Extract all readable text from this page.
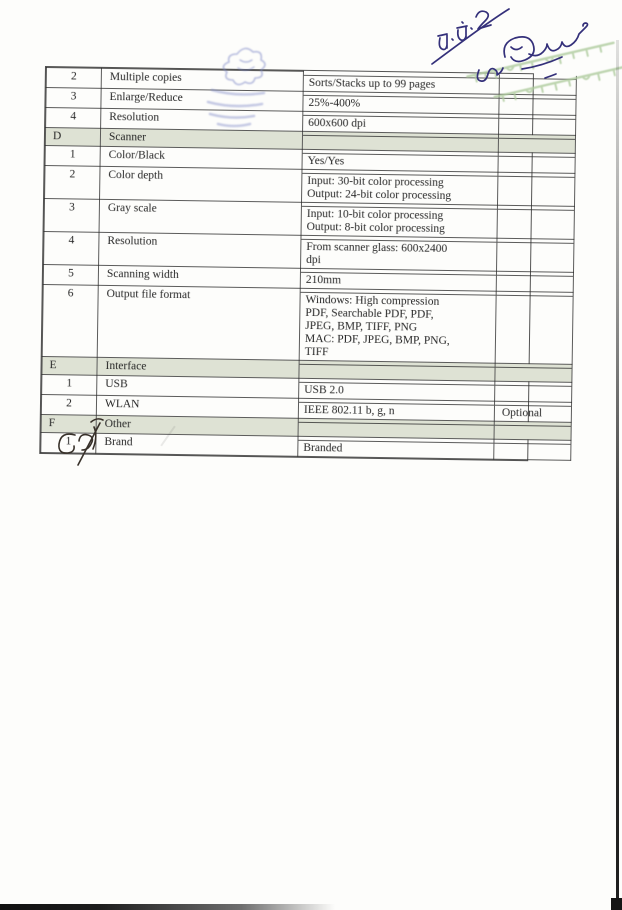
2	Multiple copies	Sorts/Stacks up to 99 pages	

3	Enlarge/Reduce	25%-400%	

4	Resolution	600x600 dpi	

D	Scanner		
1	Color/Black	Yes/Yes	

2	Color depth	Input: 30-bit color processing
Output: 24-bit color processing	

3	Gray scale	Input: 10-bit color processing
Output: 8-bit color processing	

4	Resolution	From scanner glass: 600x2400
dpi	

5	Scanning width	210mm	

6	Output file format	Windows: High compression
PDF, Searchable PDF, PDF,
JPEG, BMP, TIFF, PNG
MAC: PDF, JPEG, BMP, PNG,
TIFF	

E	Interface		
1	USB	USB 2.0	

2	WLAN	IEEE 802.11 b, g, n	Optional
F	Other		
1	Brand	Branded	
